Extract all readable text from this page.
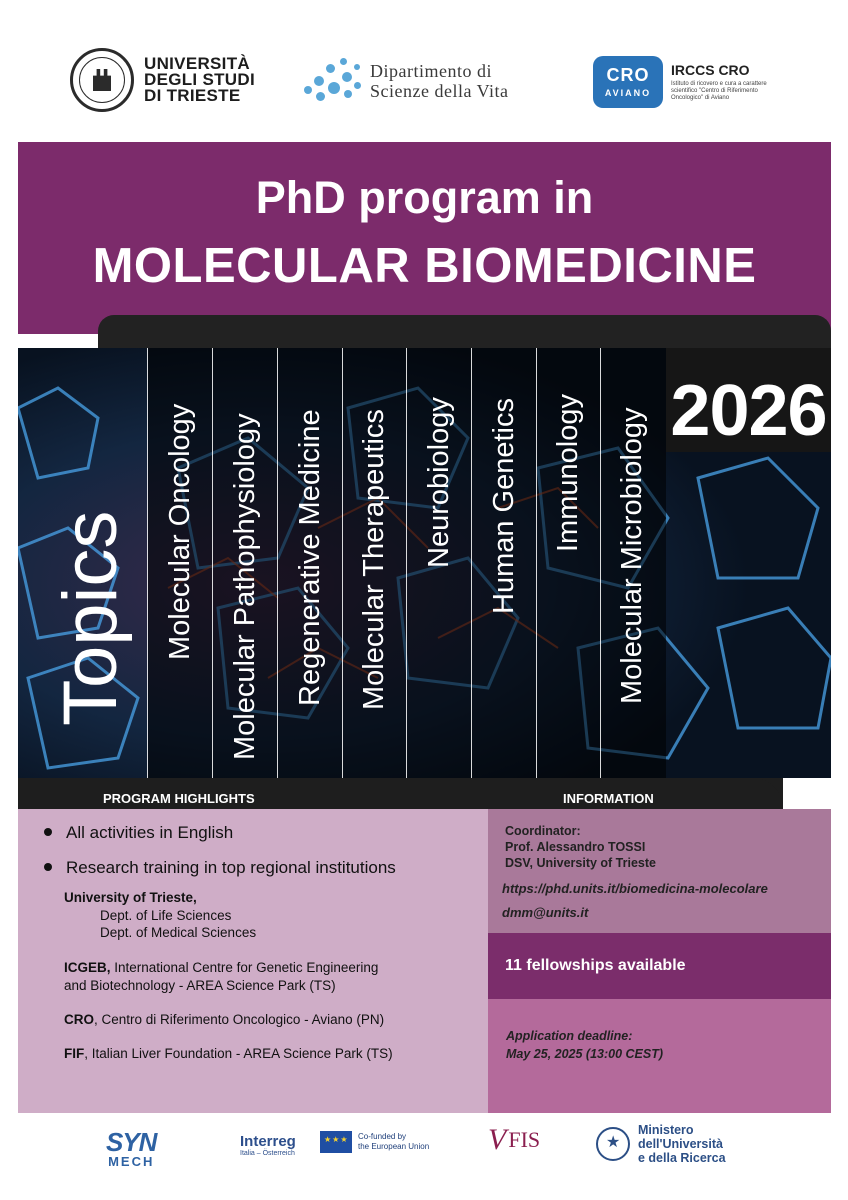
UNIVERSITÀ
DEGLI STUDI
DI TRIESTE
Dipartimento di
Scienze della Vita
CRO
AVIANO
IRCCS CRO
Istituto di ricovero e cura a carattere scientifico "Centro di Riferimento Oncologico" di Aviano
PhD program in
MOLECULAR BIOMEDICINE
Topics Molecular Oncology Molecular Pathophysiology Regenerative Medicine Molecular Therapeutics Neurobiology Human Genetics Immunology Molecular Microbiology 2026
PROGRAM HIGHLIGHTS	INFORMATION
All activities in English
Research training in top regional institutions
University of Trieste,
Dept. of Life Sciences
Dept. of Medical Sciences
ICGEB, International Centre for Genetic Engineering
and Biotechnology - AREA Science Park (TS)
CRO, Centro di Riferimento Oncologico - Aviano (PN)
FIF, Italian Liver Foundation - AREA Science Park (TS)
Coordinator:
Prof. Alessandro TOSSI
DSV, University of Trieste
https://phd.units.it/biomedicina-molecolare
dmm@units.it
11 fellowships available
Application deadline:
May 25, 2025 (13:00 CEST)
SYN
MECH
Interreg
Italia – Österreich
★★★
Co-funded by
the European Union V FIS
★	Ministero
dell'Università
e della Ricerca
